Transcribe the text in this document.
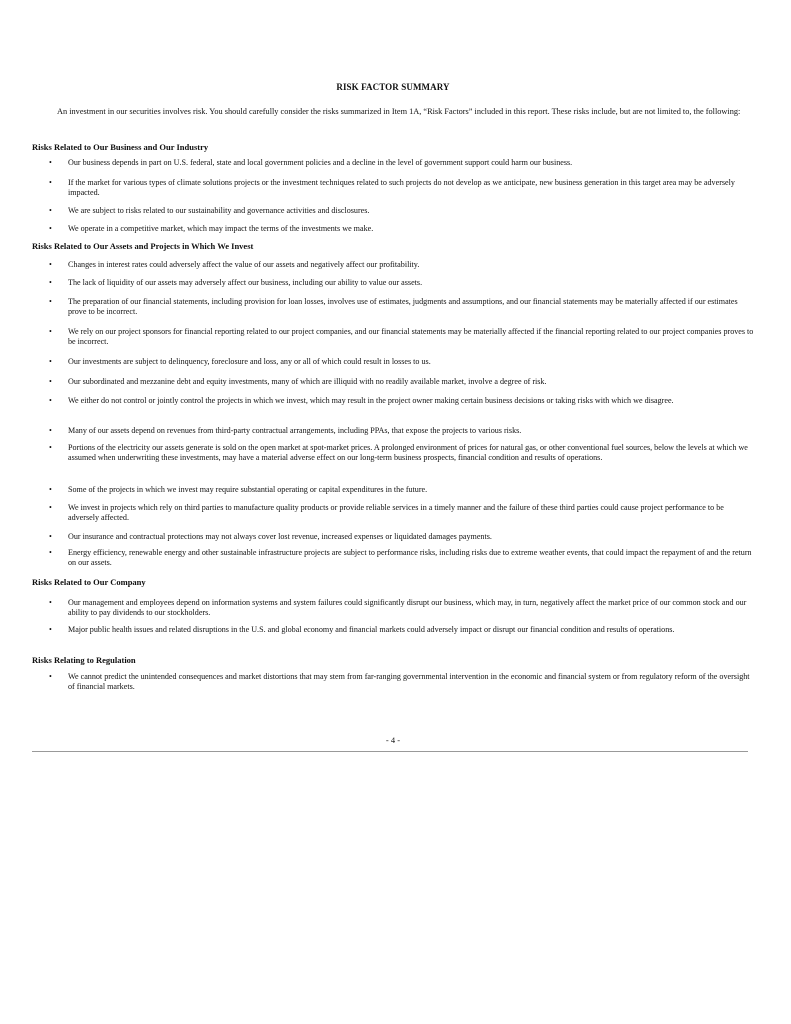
RISK FACTOR SUMMARY
An investment in our securities involves risk. You should carefully consider the risks summarized in Item 1A, “Risk Factors” included in this report. These risks include, but are not limited to, the following:
Risks Related to Our Business and Our Industry
• Our business depends in part on U.S. federal, state and local government policies and a decline in the level of government support could harm our business.
• If the market for various types of climate solutions projects or the investment techniques related to such projects do not develop as we anticipate, new business generation in this target area may be adversely impacted.
• We are subject to risks related to our sustainability and governance activities and disclosures.
• We operate in a competitive market, which may impact the terms of the investments we make.
Risks Related to Our Assets and Projects in Which We Invest
• Changes in interest rates could adversely affect the value of our assets and negatively affect our profitability.
• The lack of liquidity of our assets may adversely affect our business, including our ability to value our assets.
• The preparation of our financial statements, including provision for loan losses, involves use of estimates, judgments and assumptions, and our financial statements may be materially affected if our estimates prove to be incorrect.
• We rely on our project sponsors for financial reporting related to our project companies, and our financial statements may be materially affected if the financial reporting related to our project companies proves to be incorrect.
• Our investments are subject to delinquency, foreclosure and loss, any or all of which could result in losses to us.
• Our subordinated and mezzanine debt and equity investments, many of which are illiquid with no readily available market, involve a degree of risk.
• We either do not control or jointly control the projects in which we invest, which may result in the project owner making certain business decisions or taking risks with which we disagree.
• Many of our assets depend on revenues from third-party contractual arrangements, including PPAs, that expose the projects to various risks.
• Portions of the electricity our assets generate is sold on the open market at spot-market prices. A prolonged environment of prices for natural gas, or other conventional fuel sources, below the levels at which we assumed when underwriting these investments, may have a material adverse effect on our long-term business prospects, financial condition and results of operations.
• Some of the projects in which we invest may require substantial operating or capital expenditures in the future.
• We invest in projects which rely on third parties to manufacture quality products or provide reliable services in a timely manner and the failure of these third parties could cause project performance to be adversely affected.
• Our insurance and contractual protections may not always cover lost revenue, increased expenses or liquidated damages payments.
• Energy efficiency, renewable energy and other sustainable infrastructure projects are subject to performance risks, including risks due to extreme weather events, that could impact the repayment of and the return on our assets.
Risks Related to Our Company
• Our management and employees depend on information systems and system failures could significantly disrupt our business, which may, in turn, negatively affect the market price of our common stock and our ability to pay dividends to our stockholders.
• Major public health issues and related disruptions in the U.S. and global economy and financial markets could adversely impact or disrupt our financial condition and results of operations.
Risks Relating to Regulation
• We cannot predict the unintended consequences and market distortions that may stem from far-ranging governmental intervention in the economic and financial system or from regulatory reform of the oversight of financial markets.
- 4 -
